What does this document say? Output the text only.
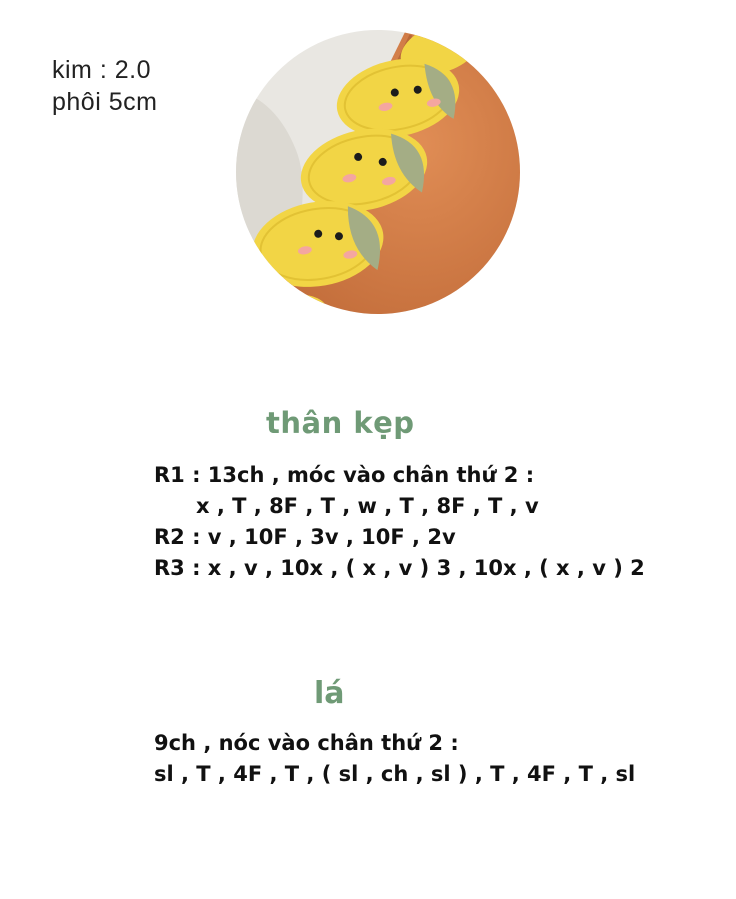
kim : 2.0
phôi 5cm
thân kẹp
R1 : 13ch , móc vào chân thứ 2 :
x , T , 8F , T , w , T , 8F , T , v
R2 : v , 10F , 3v , 10F , 2v
R3 : x , v , 10x , ( x , v ) 3 , 10x , ( x , v ) 2
lá
9ch , nóc vào chân thứ 2 :
sl , T , 4F , T , ( sl , ch , sl ) , T , 4F , T , sl
